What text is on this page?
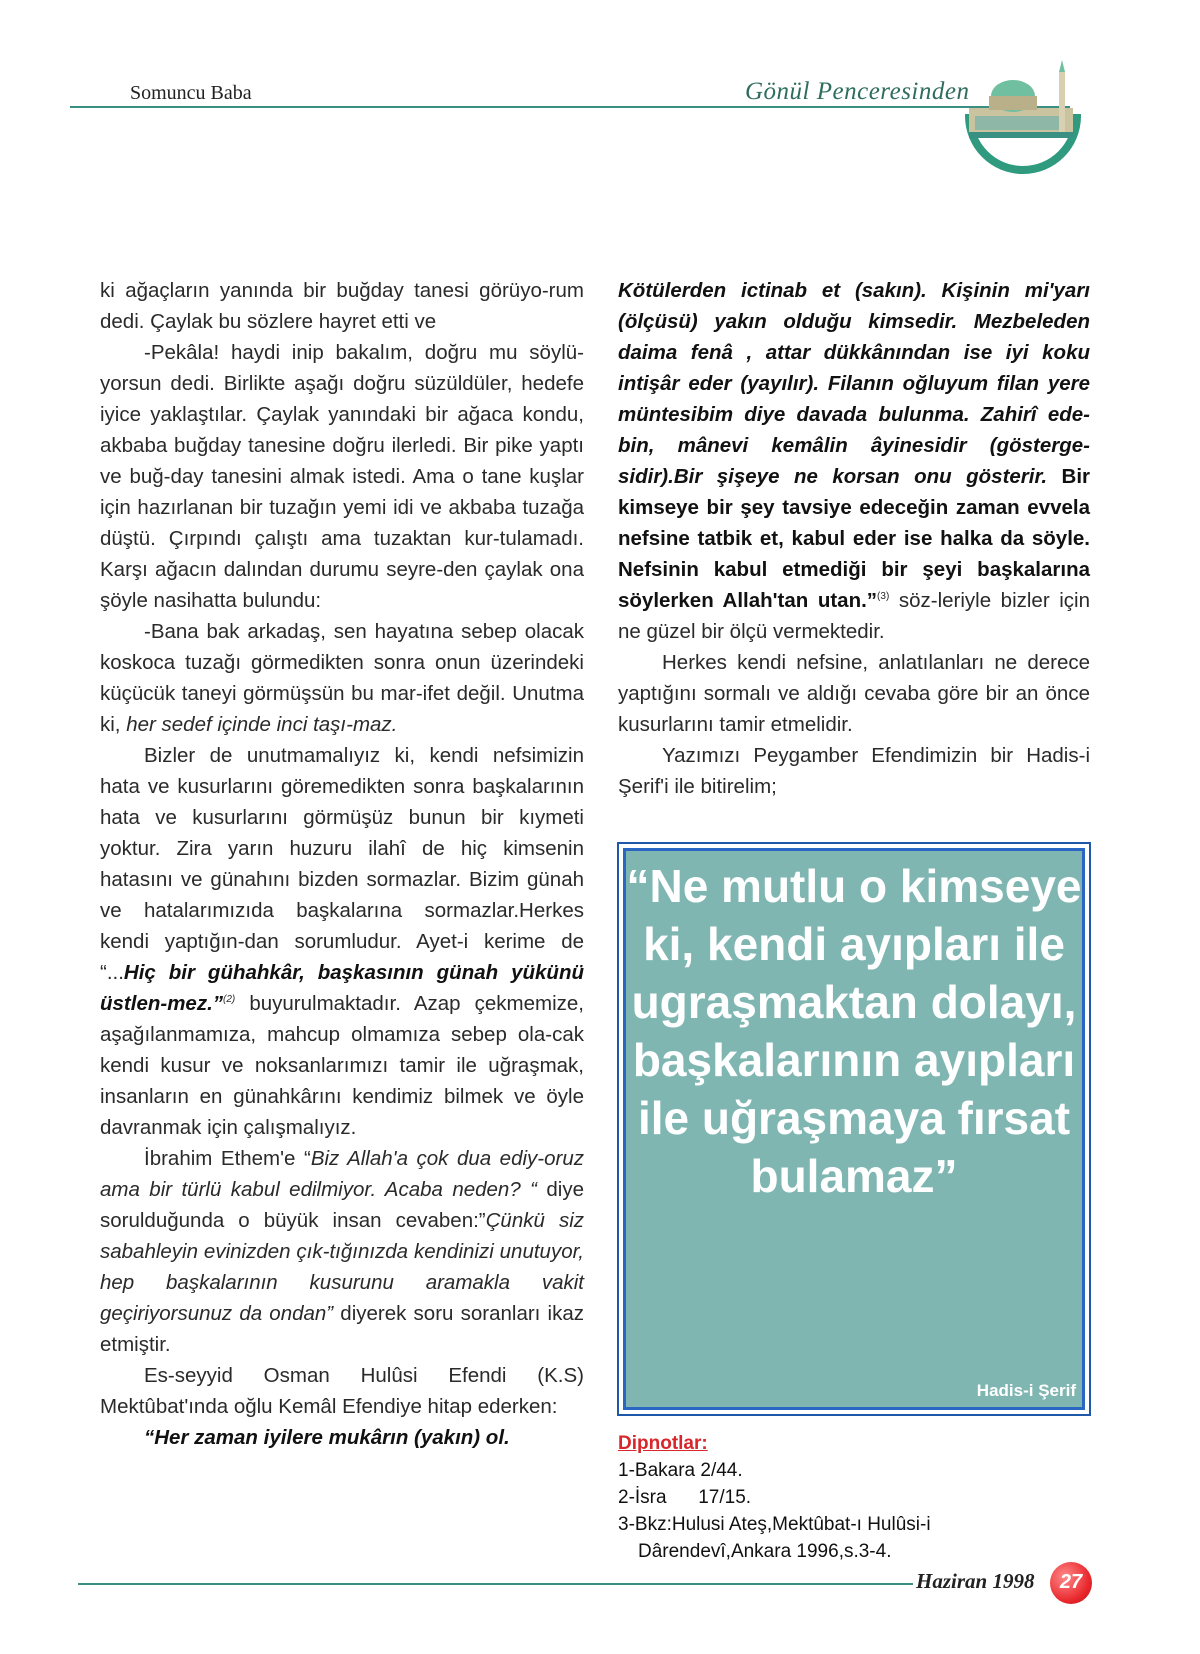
Somuncu Baba	Gönül Penceresinden

ki ağaçların yanında bir buğday tanesi görüyo-rum dedi. Çaylak bu sözlere hayret etti ve

-Pekâla! haydi inip bakalım, doğru mu söylü-yorsun dedi. Birlikte aşağı doğru süzüldüler, hedefe iyice yaklaştılar. Çaylak yanındaki bir ağaca kondu, akbaba buğday tanesine doğru ilerledi. Bir pike yaptı ve buğ-day tanesini almak istedi. Ama o tane kuşlar için hazırlanan bir tuzağın yemi idi ve akbaba tuzağa düştü. Çırpındı çalıştı ama tuzaktan kur-tulamadı. Karşı ağacın dalından durumu seyre-den çaylak ona şöyle nasihatta bulundu:

-Bana bak arkadaş, sen hayatına sebep olacak koskoca tuzağı görmedikten sonra onun üzerindeki küçücük taneyi görmüşsün bu mar-ifet değil. Unutma ki, her sedef içinde inci taşı-maz.

Bizler de unutmamalıyız ki, kendi nefsimizin hata ve kusurlarını göremedikten sonra başkalarının hata ve kusurlarını görmüşüz bunun bir kıymeti yoktur. Zira yarın huzuru ilahî de hiç kimsenin hatasını ve günahını bizden sormazlar. Bizim günah ve hatalarımızıda başkalarına sormazlar.Herkes kendi yaptığın-dan sorumludur. Ayet-i kerime de “...Hiç bir gühahkâr, başkasının günah yükünü üstlen-mez.”$^{(2)}$ buyurulmaktadır. Azap çekmemize, aşağılanmamıza, mahcup olmamıza sebep ola-cak kendi kusur ve noksanlarımızı tamir ile uğraşmak, insanların en günahkârını kendimiz bilmek ve öyle davranmak için çalışmalıyız.

İbrahim Ethem'e “Biz Allah'a çok dua ediy-oruz ama bir türlü kabul edilmiyor. Acaba neden? “ diye sorulduğunda o büyük insan cevaben:”Çünkü siz sabahleyin evinizden çık-tığınızda kendinizi unutuyor, hep başkalarının kusurunu aramakla vakit geçiriyorsunuz da ondan” diyerek soru soranları ikaz etmiştir.

Es-seyyid Osman Hulûsi Efendi (K.S) Mektûbat'ında oğlu Kemâl Efendiye hitap ederken:

“Her zaman iyilere mukârın (yakın) ol.

Kötülerden ictinab et (sakın). Kişinin mi'yarı (ölçüsü) yakın olduğu kimsedir. Mezbeleden daima fenâ , attar dükkânından ise iyi koku intişâr eder (yayılır). Filanın oğluyum filan yere müntesibim diye davada bulunma. Zahirî ede-bin, mânevi kemâlin âyinesidir (gösterge-sidir).Bir şişeye ne korsan onu gösterir. Bir kimseye bir şey tavsiye edeceğin zaman evvela nefsine tatbik et, kabul eder ise halka da söyle. Nefsinin kabul etmediği bir şeyi başkalarına söylerken Allah'tan utan.”$^{(3)}$ söz-leriyle bizler için ne güzel bir ölçü vermektedir.

Herkes kendi nefsine, anlatılanları ne derece yaptığını sormalı ve aldığı cevaba göre bir an önce kusurlarını tamir etmelidir.

Yazımızı Peygamber Efendimizin bir Hadis-i Şerif'i ile bitirelim;

“Ne mutlu o kimseye ki, kendi ayıpları ile ugraşmaktan dolayı, başkalarının ayıpları ile uğraşmaya fırsat bulamaz”
Hadis-i Şerif
Dipnotlar:
1-Bakara 2/44.
2-İsra      17/15.
3-Bkz:Hulusi Ateş,Mektûbat-ı Hulûsi-i
Dârendevî,Ankara 1996,s.3-4.
Haziran 1998	27
